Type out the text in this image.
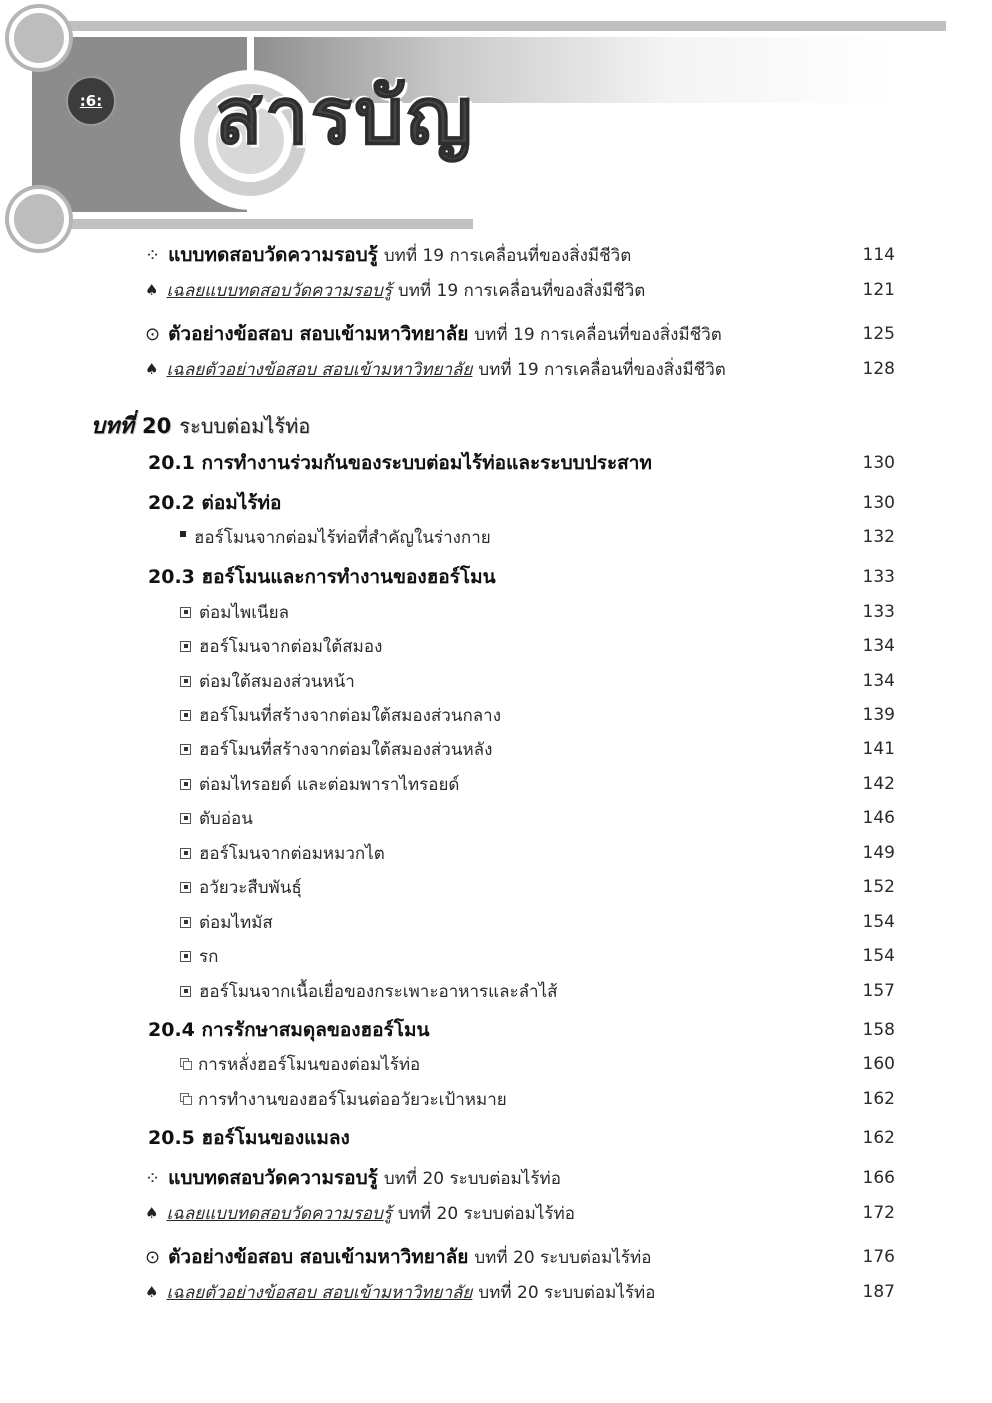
:6: สารบัญ
⁘ แบบทดสอบวัดความรอบรู้ บทที่ 19 การเคลื่อนที่ของสิ่งมีชีวิต	114
♠ เฉลยแบบทดสอบวัดความรอบรู้ บทที่ 19 การเคลื่อนที่ของสิ่งมีชีวิต	121
⊙ ตัวอย่างข้อสอบ สอบเข้ามหาวิทยาลัย บทที่ 19 การเคลื่อนที่ของสิ่งมีชีวิต	125
♠ เฉลยตัวอย่างข้อสอบ สอบเข้ามหาวิทยาลัย บทที่ 19 การเคลื่อนที่ของสิ่งมีชีวิต	128
บทที่ 20 ระบบต่อมไร้ท่อ
20.1 การทำงานร่วมกันของระบบต่อมไร้ท่อและระบบประสาท	130
20.2 ต่อมไร้ท่อ	130
ฮอร์โมนจากต่อมไร้ท่อที่สำคัญในร่างกาย	132
20.3 ฮอร์โมนและการทำงานของฮอร์โมน	133
ต่อมไพเนียล	133
ฮอร์โมนจากต่อมใต้สมอง	134
ต่อมใต้สมองส่วนหน้า	134
ฮอร์โมนที่สร้างจากต่อมใต้สมองส่วนกลาง	139
ฮอร์โมนที่สร้างจากต่อมใต้สมองส่วนหลัง	141
ต่อมไทรอยด์ และต่อมพาราไทรอยด์	142
ตับอ่อน	146
ฮอร์โมนจากต่อมหมวกไต	149
อวัยวะสืบพันธุ์	152
ต่อมไทมัส	154
รก	154
ฮอร์โมนจากเนื้อเยื่อของกระเพาะอาหารและลำไส้	157
20.4 การรักษาสมดุลของฮอร์โมน	158
การหลั่งฮอร์โมนของต่อมไร้ท่อ	160
การทำงานของฮอร์โมนต่ออวัยวะเป้าหมาย	162
20.5 ฮอร์โมนของแมลง	162
⁘ แบบทดสอบวัดความรอบรู้ บทที่ 20 ระบบต่อมไร้ท่อ	166
♠ เฉลยแบบทดสอบวัดความรอบรู้ บทที่ 20 ระบบต่อมไร้ท่อ	172
⊙ ตัวอย่างข้อสอบ สอบเข้ามหาวิทยาลัย บทที่ 20 ระบบต่อมไร้ท่อ	176
♠ เฉลยตัวอย่างข้อสอบ สอบเข้ามหาวิทยาลัย บทที่ 20 ระบบต่อมไร้ท่อ	187
